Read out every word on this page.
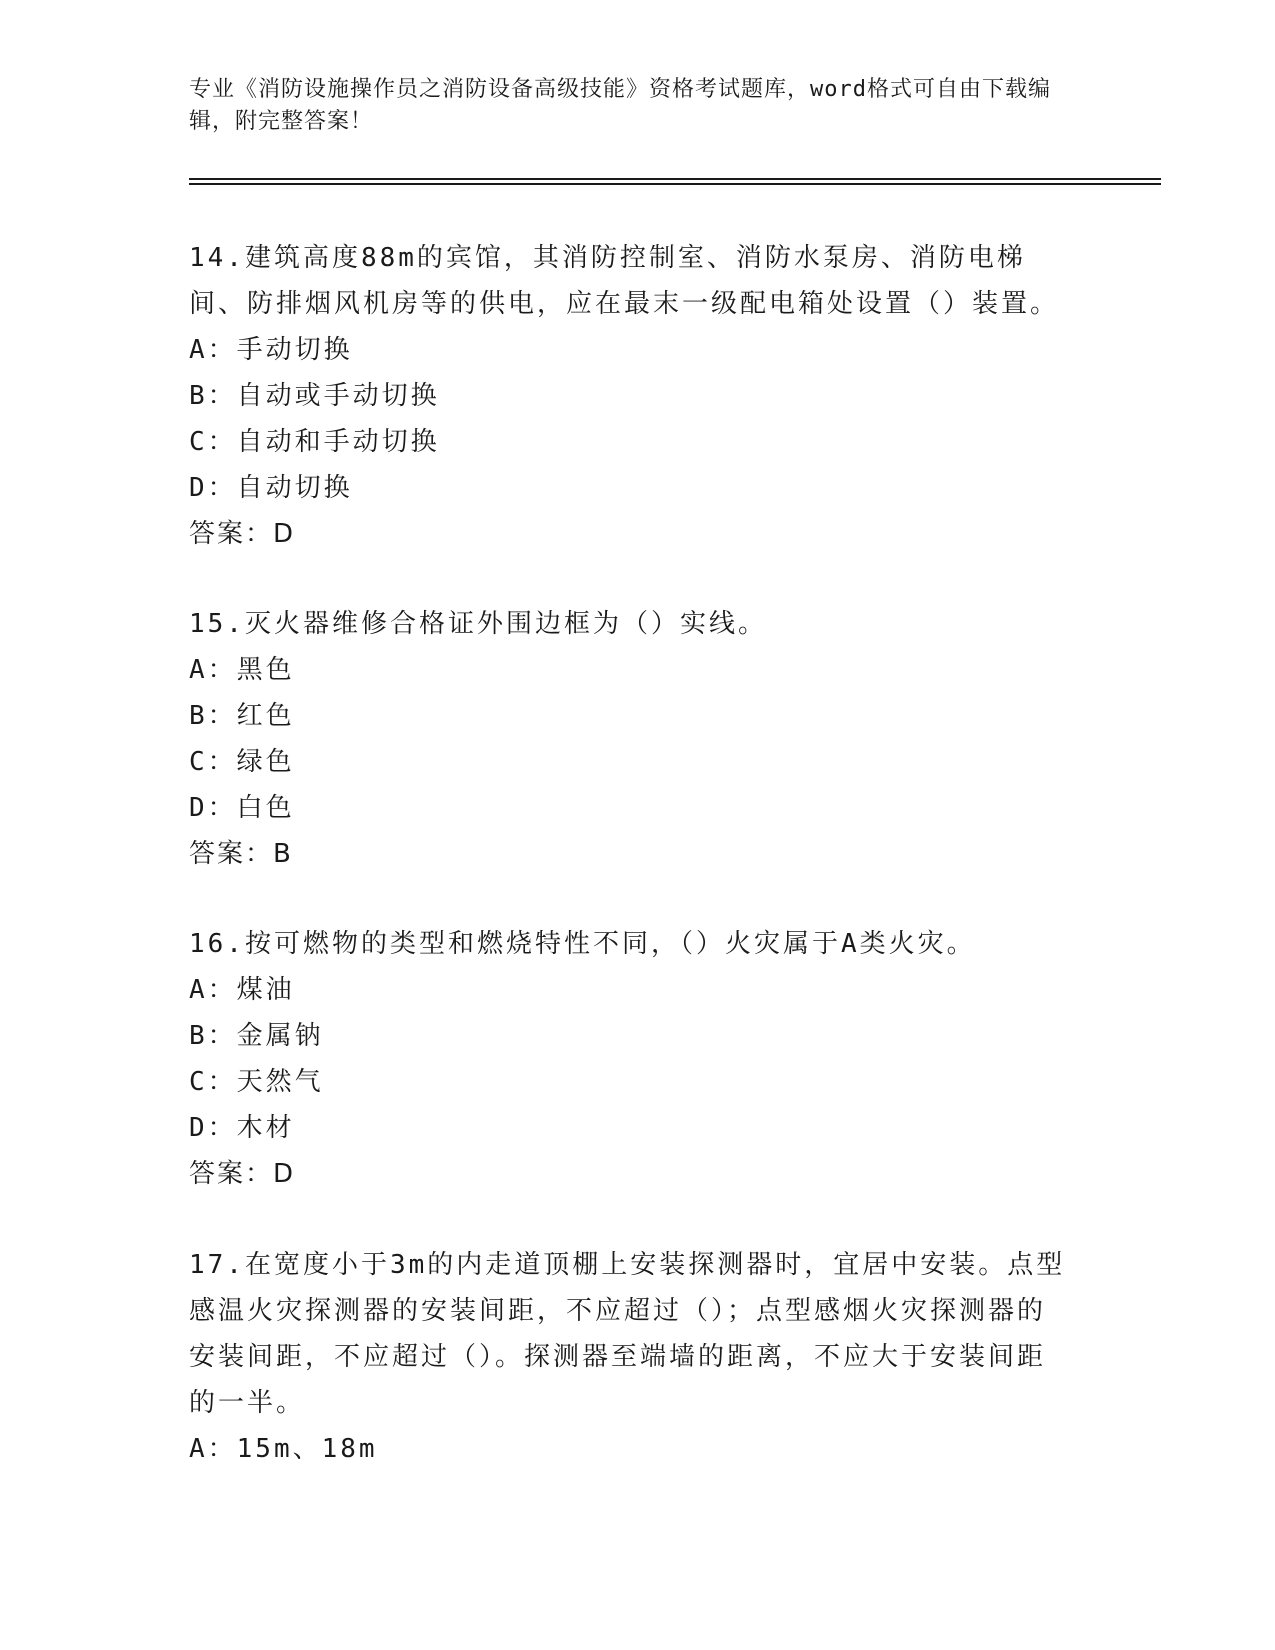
专业《消防设施操作员之消防设备高级技能》资格考试题库，word格式可自由下载编辑，附完整答案！

14.建筑高度88m的宾馆，其消防控制室、消防水泵房、消防电梯间、防排烟风机房等的供电，应在最末一级配电箱处设置（）装置。

A：手动切换

B：自动或手动切换

C：自动和手动切换

D：自动切换

答案：D

15.灭火器维修合格证外围边框为（）实线。

A：黑色

B：红色

C：绿色

D：白色

答案：B

16.按可燃物的类型和燃烧特性不同，（）火灾属于A类火灾。

A：煤油

B：金属钠

C：天然气

D：木材

答案：D

17.在宽度小于3m的内走道顶棚上安装探测器时，宜居中安装。点型感温火灾探测器的安装间距，不应超过（）；点型感烟火灾探测器的安装间距，不应超过（）。探测器至端墙的距离，不应大于安装间距的一半。

A：15m、18m
